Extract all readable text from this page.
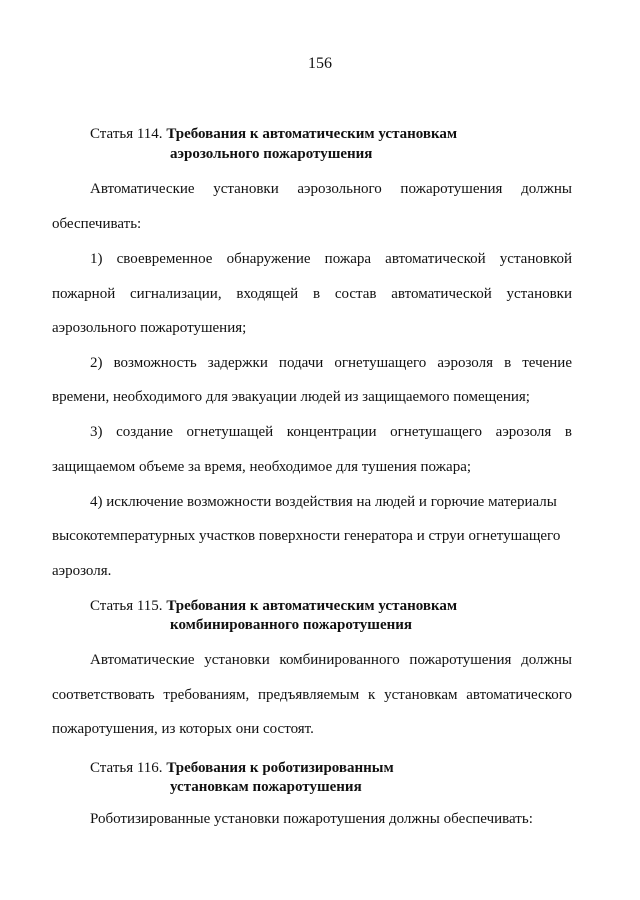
156
Статья 114. Требования к автоматическим установкам
аэрозольного пожаротушения
Автоматические установки аэрозольного пожаротушения должны
обеспечивать:
1) своевременное обнаружение пожара автоматической установкой
пожарной сигнализации, входящей в состав автоматической установки
аэрозольного пожаротушения;
2) возможность задержки подачи огнетушащего аэрозоля в течение
времени, необходимого для эвакуации людей из защищаемого помещения;
3) создание огнетушащей концентрации огнетушащего аэрозоля в
защищаемом объеме за время, необходимое для тушения пожара;
4) исключение возможности воздействия на людей и горючие материалы
высокотемпературных участков поверхности генератора и струи огнетушащего
аэрозоля.
Статья 115. Требования к автоматическим установкам
комбинированного пожаротушения
Автоматические установки комбинированного пожаротушения должны
соответствовать требованиям, предъявляемым к установкам автоматического
пожаротушения, из которых они состоят.
Статья 116. Требования к роботизированным
установкам пожаротушения
Роботизированные установки пожаротушения должны обеспечивать:
